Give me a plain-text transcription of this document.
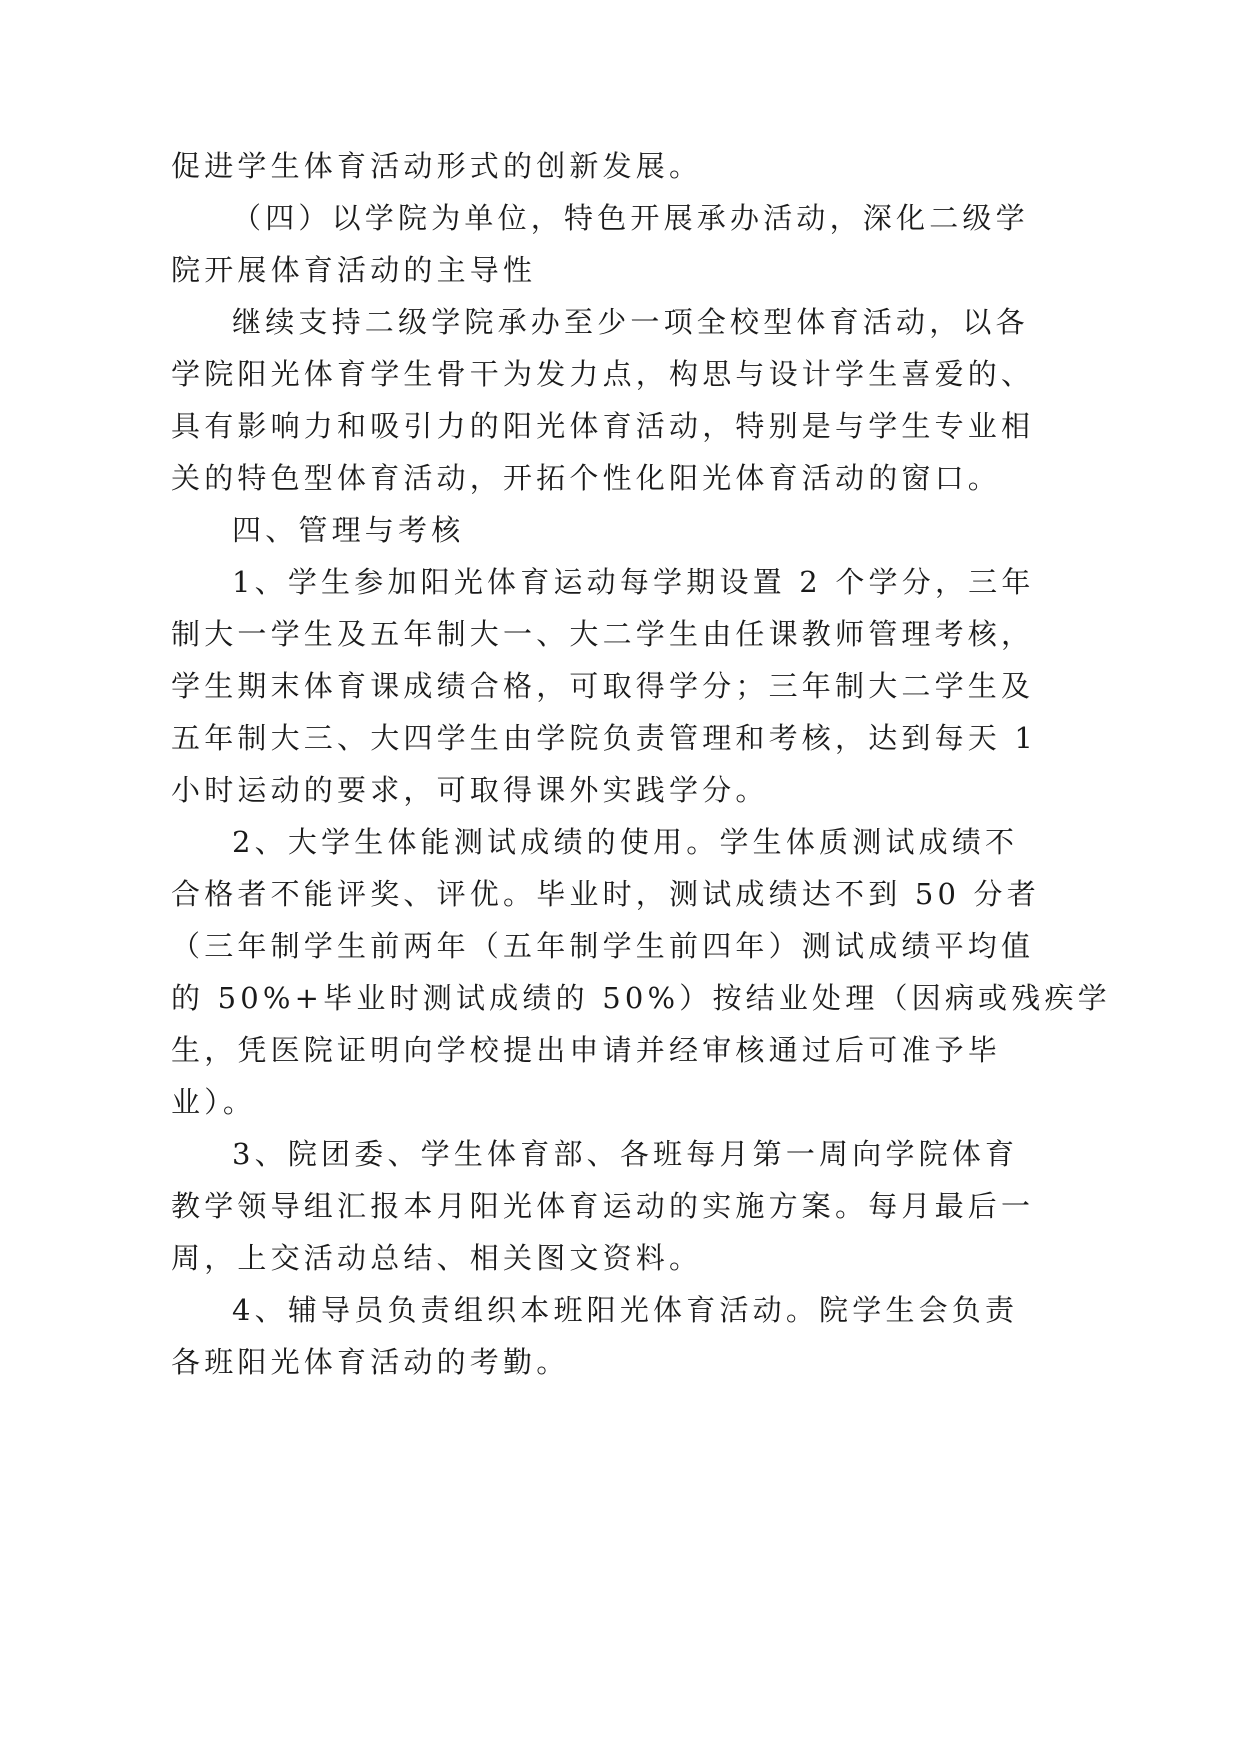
促进学生体育活动形式的创新发展。
（四）以学院为单位，特色开展承办活动，深化二级学
院开展体育活动的主导性
继续支持二级学院承办至少一项全校型体育活动，以各
学院阳光体育学生骨干为发力点，构思与设计学生喜爱的、
具有影响力和吸引力的阳光体育活动，特别是与学生专业相
关的特色型体育活动，开拓个性化阳光体育活动的窗口。
四、管理与考核
1、学生参加阳光体育运动每学期设置 2 个学分，三年
制大一学生及五年制大一、大二学生由任课教师管理考核，
学生期末体育课成绩合格，可取得学分；三年制大二学生及
五年制大三、大四学生由学院负责管理和考核，达到每天 1
小时运动的要求，可取得课外实践学分。
2、大学生体能测试成绩的使用。学生体质测试成绩不
合格者不能评奖、评优。毕业时，测试成绩达不到 50 分者
（三年制学生前两年（五年制学生前四年）测试成绩平均值
的 50%+毕业时测试成绩的 50%）按结业处理（因病或残疾学
生，凭医院证明向学校提出申请并经审核通过后可准予毕
业）。
3、院团委、学生体育部、各班每月第一周向学院体育
教学领导组汇报本月阳光体育运动的实施方案。每月最后一
周，上交活动总结、相关图文资料。
4、辅导员负责组织本班阳光体育活动。院学生会负责
各班阳光体育活动的考勤。
